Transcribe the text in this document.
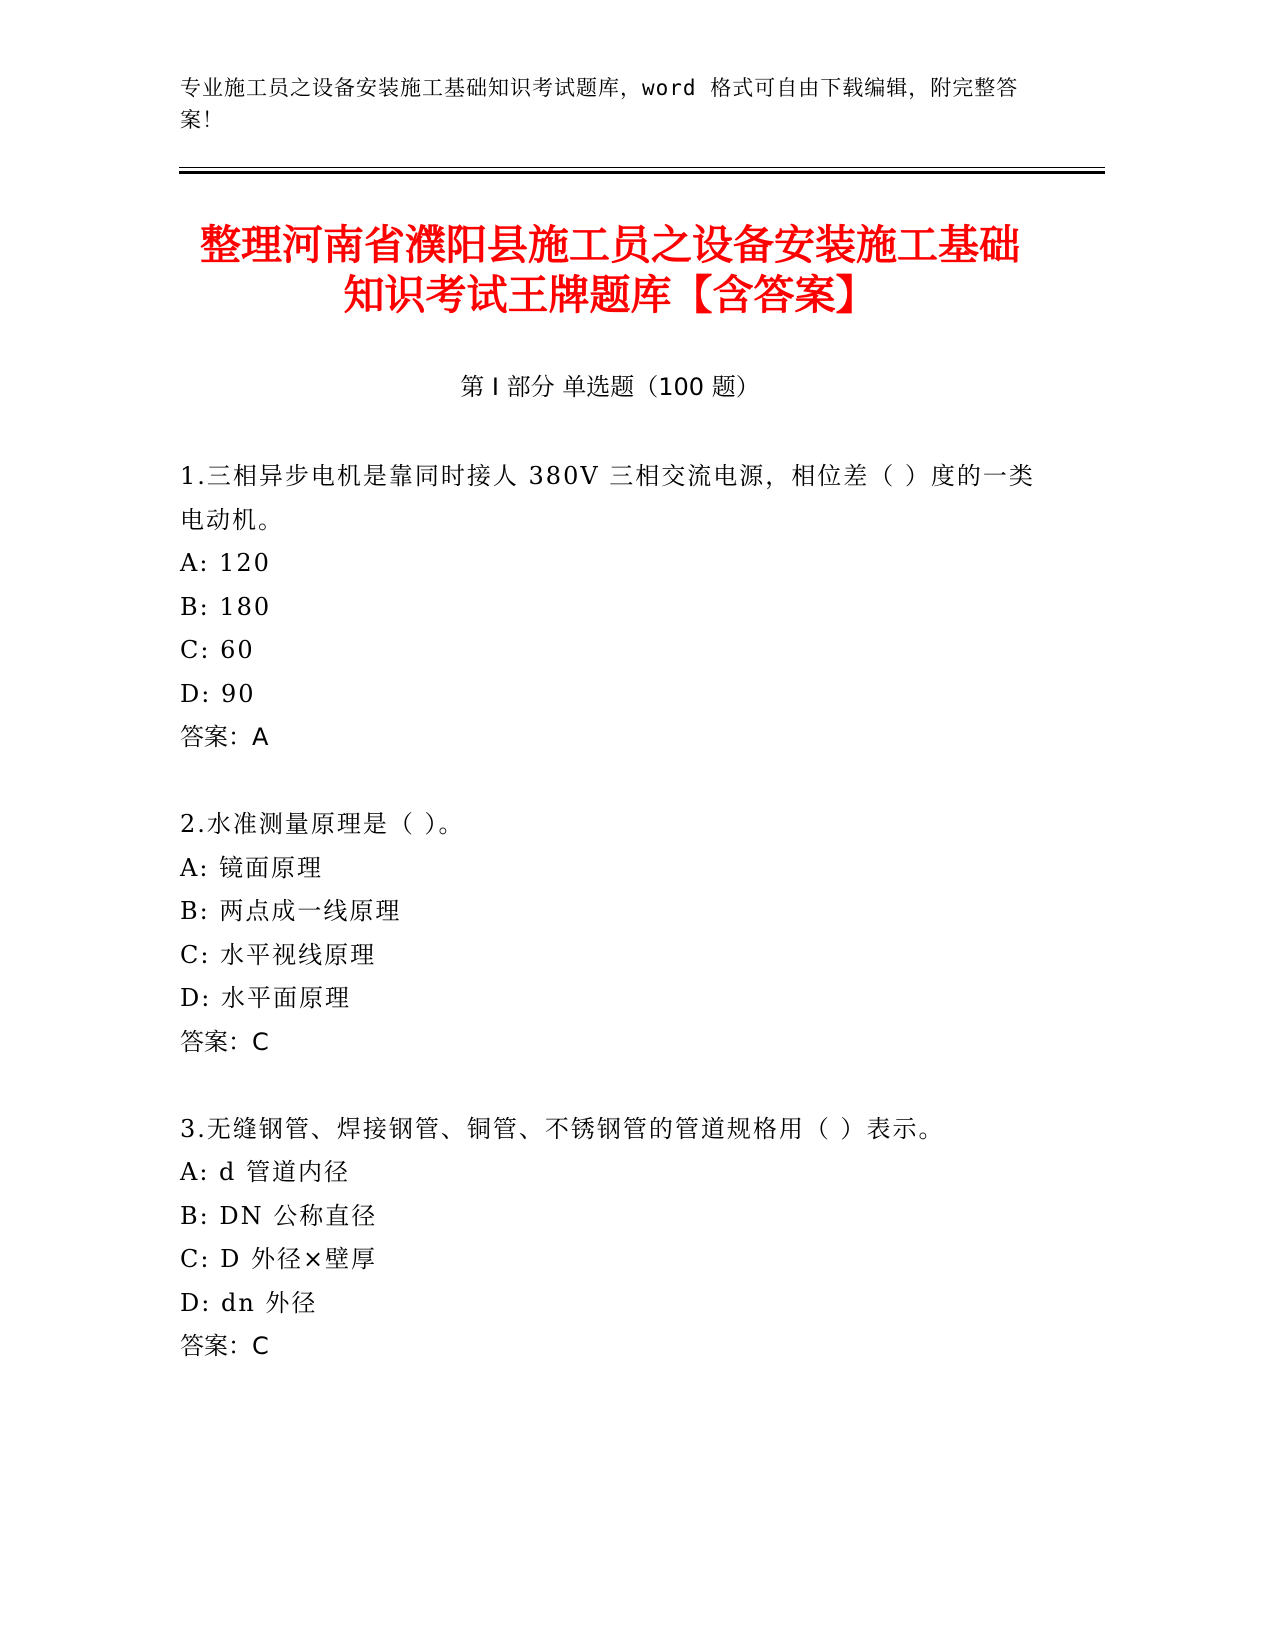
专业施工员之设备安装施工基础知识考试题库，word 格式可自由下载编辑，附完整答案！
整理河南省濮阳县施工员之设备安装施工基础知识考试王牌题库【含答案】
第 I 部分 单选题（100 题）
1.三相异步电机是靠同时接人 380V 三相交流电源，相位差（ ）度的一类电动机。
A: 120
B: 180
C: 60
D: 90
答案：A
2.水准测量原理是（ ）。
A: 镜面原理
B: 两点成一线原理
C: 水平视线原理
D: 水平面原理
答案：C
3.无缝钢管、焊接钢管、铜管、不锈钢管的管道规格用（ ）表示。
A: d 管道内径
B: DN 公称直径
C: D 外径×壁厚
D: dn 外径
答案：C
